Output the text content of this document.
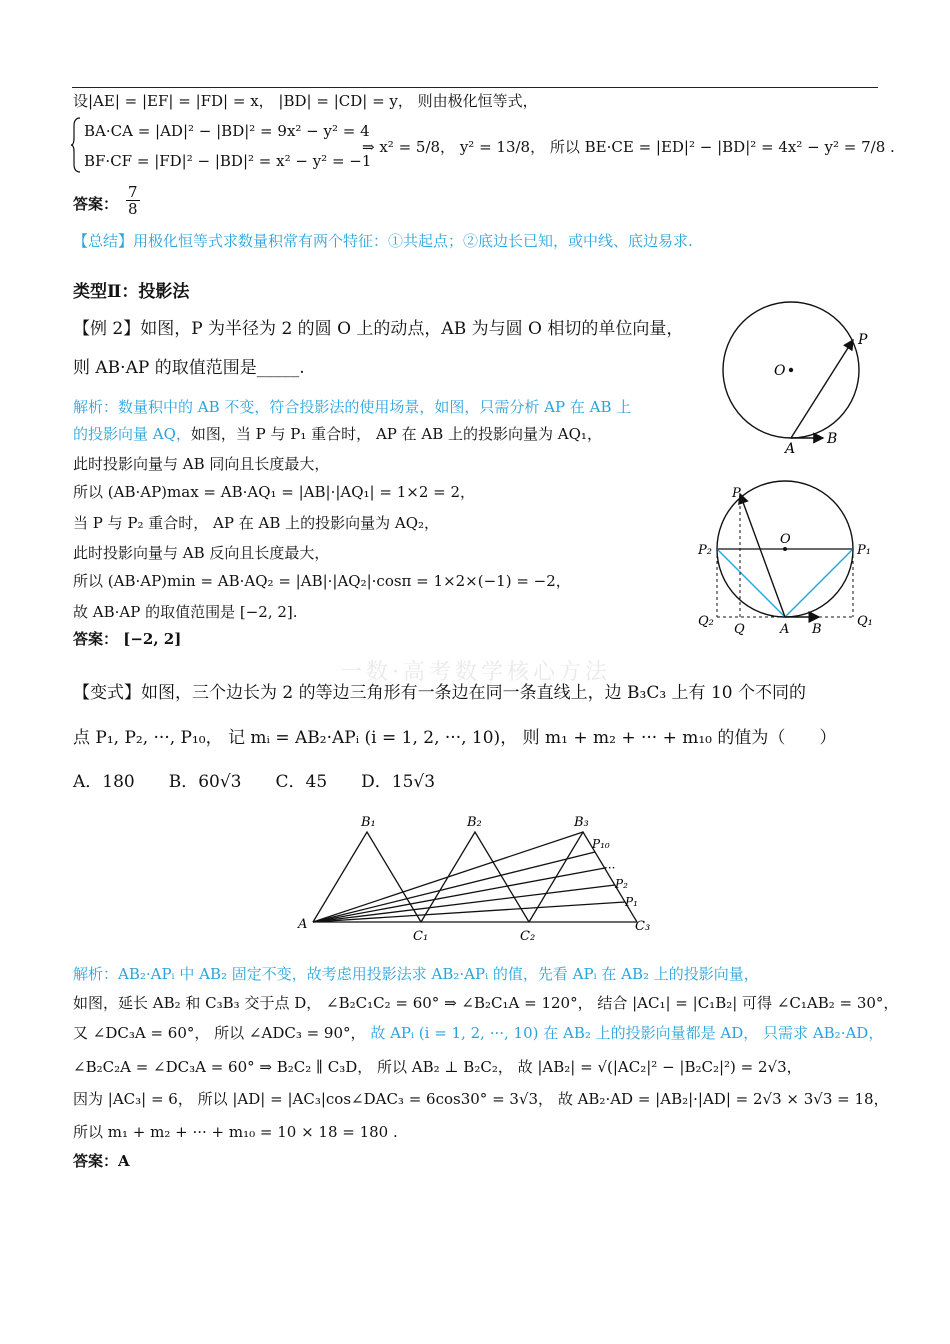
设|AE| = |EF| = |FD| = x， |BD| = |CD| = y， 则由极化恒等式，
BA·CA = |AD|² − |BD|² = 9x² − y² = 4
BF·CF = |FD|² − |BD|² = x² − y² = −1
⇒ x² = 5/8， y² = 13/8， 所以 BE·CE = |ED|² − |BD|² = 4x² − y² = 7/8 .
答案： $\frac{7}{8}$
【总结】用极化恒等式求数量积常有两个特征：①共起点；②底边长已知，或中线、底边易求.
类型Ⅱ：投影法
【例 2】如图，P 为半径为 2 的圆 O 上的动点，AB 为与圆 O 相切的单位向量，
则 AB·AP 的取值范围是_____.
解析：数量积中的 AB 不变，符合投影法的使用场景，如图，只需分析 AP 在 AB 上
的投影向量 AQ，如图，当 P 与 P₁ 重合时， AP 在 AB 上的投影向量为 AQ₁，
此时投影向量与 AB 同向且长度最大，
所以 (AB·AP)max = AB·AQ₁ = |AB|·|AQ₁| = 1×2 = 2，
当 P 与 P₂ 重合时， AP 在 AB 上的投影向量为 AQ₂，
此时投影向量与 AB 反向且长度最大，
所以 (AB·AP)min = AB·AQ₂ = |AB|·|AQ₂|·cosπ = 1×2×(−1) = −2，
故 AB·AP 的取值范围是 [−2, 2].
答案： [−2, 2]
O
P
A
B
P
O
P₁
P₂
Q₂
Q	A B
Q₁
一数·高考数学核心方法
【变式】如图，三个边长为 2 的等边三角形有一条边在同一条直线上，边 B₃C₃ 上有 10 个不同的
点 P₁, P₂, ···, P₁₀， 记 mᵢ = AB₂·APᵢ (i = 1, 2, ···, 10)， 则 m₁ + m₂ + ··· + m₁₀ 的值为（　　）
A．180　　B．60√3　　C．45　　D．15√3
B₁	B₂	B₃
P₁₀
···
P₂
P₁
A
C₁	C₂
C₃
解析：AB₂·APᵢ 中 AB₂ 固定不变，故考虑用投影法求 AB₂·APᵢ 的值，先看 APᵢ 在 AB₂ 上的投影向量，
如图，延长 AB₂ 和 C₃B₃ 交于点 D， ∠B₂C₁C₂ = 60° ⇒ ∠B₂C₁A = 120°， 结合 |AC₁| = |C₁B₂| 可得 ∠C₁AB₂ = 30°，
又 ∠DC₃A = 60°， 所以 ∠ADC₃ = 90°， 故 APᵢ (i = 1, 2, ···, 10) 在 AB₂ 上的投影向量都是 AD， 只需求 AB₂·AD，
∠B₂C₂A = ∠DC₃A = 60° ⇒ B₂C₂ ∥ C₃D， 所以 AB₂ ⊥ B₂C₂， 故 |AB₂| = √(|AC₂|² − |B₂C₂|²) = 2√3，
因为 |AC₃| = 6， 所以 |AD| = |AC₃|cos∠DAC₃ = 6cos30° = 3√3， 故 AB₂·AD = |AB₂|·|AD| = 2√3 × 3√3 = 18，
所以 m₁ + m₂ + ··· + m₁₀ = 10 × 18 = 180 .
答案：A
